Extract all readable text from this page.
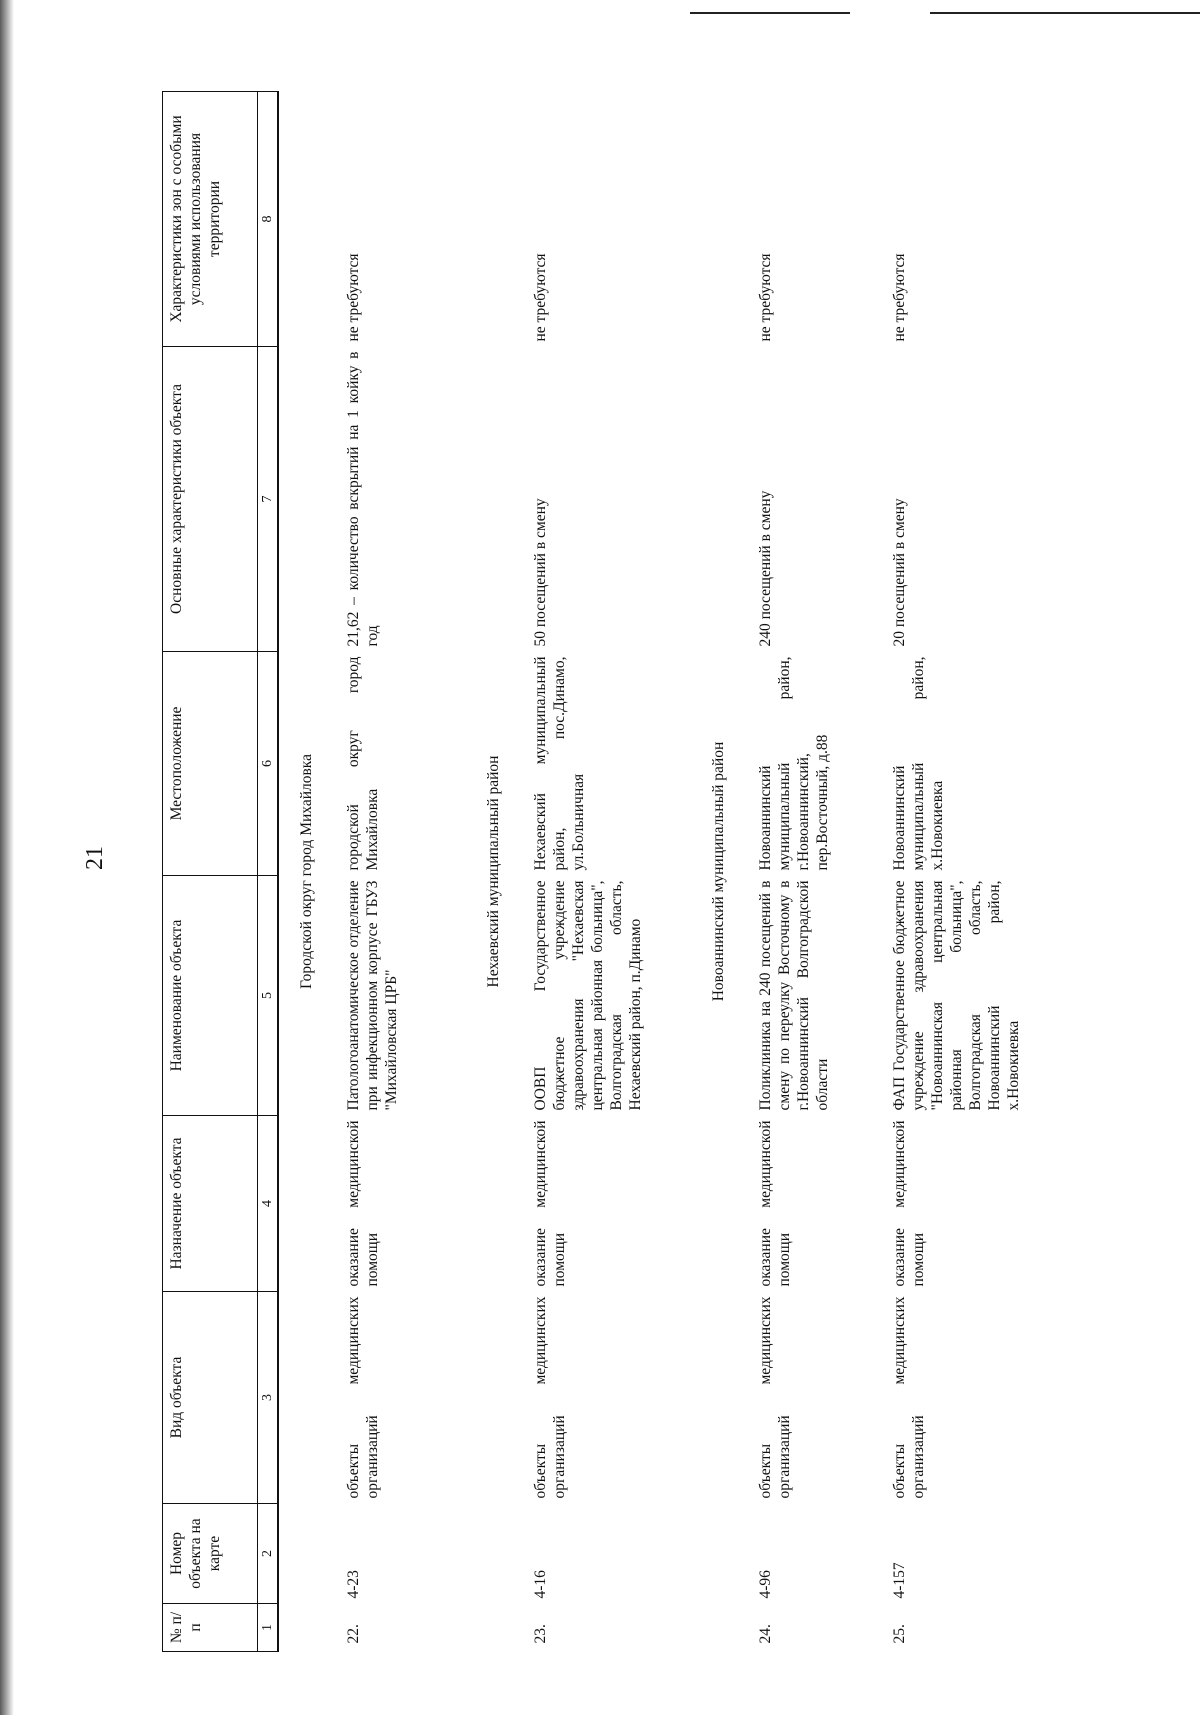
21
№ п/п	Номер объекта на карте	Вид объекта	Назначение объекта	Наименование объекта	Местоположение	Основные характеристики объекта	Характеристики зон с особыми условиями использования территории
1	2	3	4	5	6	7	8
Городской округ город Михайловка							
22.	4-23	объекты медицинских организаций	оказание медицинской помощи	Патологоанатомическое отделение при инфекционном корпусе ГБУЗ "Михайловская ЦРБ"	городской округ город Михайловка	21,62 – количество вскрытий на 1 койку в год	не требуются
Нехаевский муниципальный район							
23.	4-16	объекты медицинских организаций	оказание медицинской помощи	ООВП Государственное бюджетное учреждение здравоохранения "Нехаевская центральная районная больница", Волгоградская область, Нехаевский район, п.Динамо	Нехаевский муниципальный район, пос.Динамо, ул.Больничная	50 посещений в смену	не требуются
Новоаннинский муниципальный район							
24.	4-96	объекты медицинских организаций	оказание медицинской помощи	Поликлиника на 240 посещений в смену по переулку Восточному в г.Новоаннинский Волгоградской области	Новоаннинский муниципальный район, г.Новоаннинский, пер.Восточный, д.88	240 посещений в смену	не требуются
25.	4-157	объекты медицинских организаций	оказание медицинской помощи	ФАП Государственное бюджетное учреждение здравоохранения "Новоаннинская центральная районная больница", Волгоградская область, Новоаннинский район, х.Новокиевка	Новоаннинский муниципальный район, х.Новокиевка	20 посещений в смену	не требуются
